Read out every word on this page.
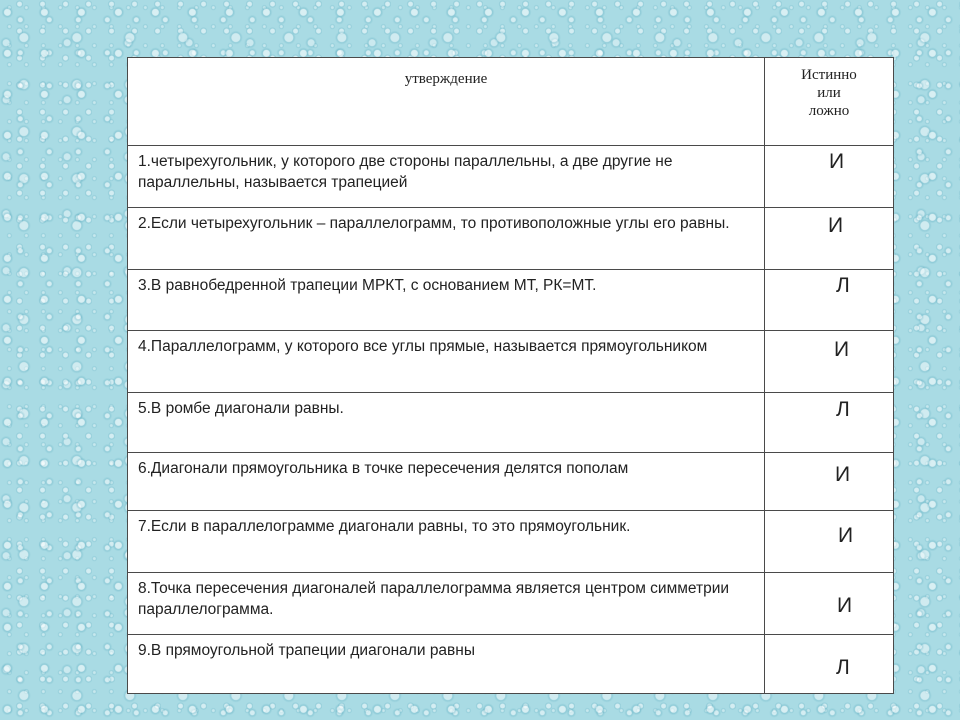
утверждение	Истинно
или
ложно

1.четырехугольник, у которого две стороны параллельны, а две другие не параллельны, называется трапецией	И

2.Если четырехугольник – параллелограмм, то противоположные углы его равны.	И

3.В равнобедренной трапеции МРКТ, с основанием МТ, РК=МТ.	Л

4.Параллелограмм, у которого все углы прямые, называется прямоугольником	И

5.В ромбе диагонали равны.	Л

6.Диагонали прямоугольника в точке пересечения делятся пополам	И

7.Если в параллелограмме диагонали равны, то это прямоугольник.	И

8.Точка пересечения диагоналей параллелограмма является центром симметрии параллелограмма.	И

9.В прямоугольной трапеции диагонали равны	Л
